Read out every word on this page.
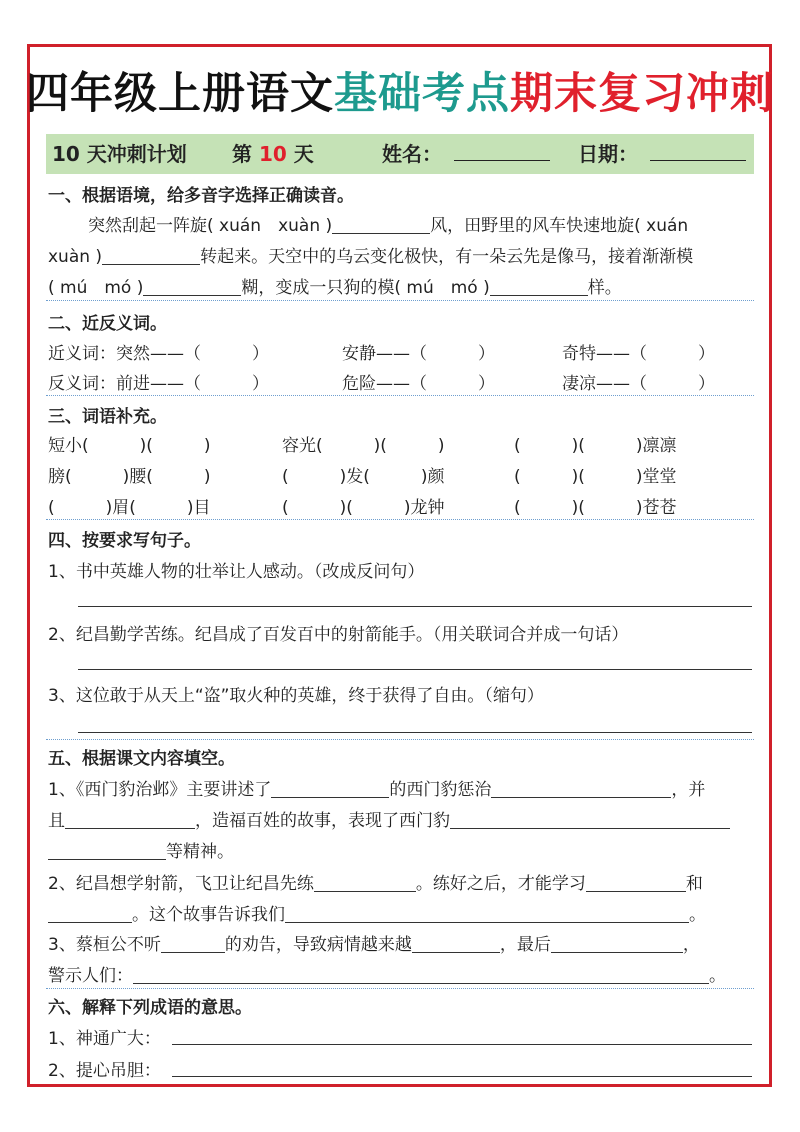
四年级上册语文基础考点期末复习冲刺
10 天冲刺计划 第 10 天	姓名：	日期：
一、根据语境，给多音字选择正确读音。
突然刮起一阵旋( xuán　xuàn )	风，田野里的风车快速地旋( xuán
xuàn )	转起来。天空中的乌云变化极快，有一朵云先是像马，接着渐渐模
( mú　mó )	糊，变成一只狗的模( mú　mó )	样。
二、近反义词。
近义词：突然——（　　　）	安静——（　　　）	奇特——（　　　）
反义词：前进——（　　　）	危险——（　　　）	凄凉——（　　　）
三、词语补充。
短小(　　　)(　　　)	容光(　　　)(　　　)	(　　　)(　　　)凛凛
膀(　　　)腰(　　　)	(　　　)发(　　　)颜	(　　　)(　　　)堂堂
(　　　)眉(　　　)目	(　　　)(　　　)龙钟	(　　　)(　　　)苍苍
四、按要求写句子。
1、书中英雄人物的壮举让人感动。（改成反问句）
2、纪昌勤学苦练。纪昌成了百发百中的射箭能手。（用关联词合并成一句话）
3、这位敢于从天上“盗”取火种的英雄，终于获得了自由。（缩句）
五、根据课文内容填空。
1、《西门豹治邺》主要讲述了	的西门豹惩治	，并
且	，造福百姓的故事，表现了西门豹
等精神。
2、纪昌想学射箭，飞卫让纪昌先练	。练好之后，才能学习	和
。这个故事告诉我们	。
3、蔡桓公不听	的劝告，导致病情越来越	，最后	，
警示人们：	。
六、解释下列成语的意思。
1、神通广大：
2、提心吊胆：
